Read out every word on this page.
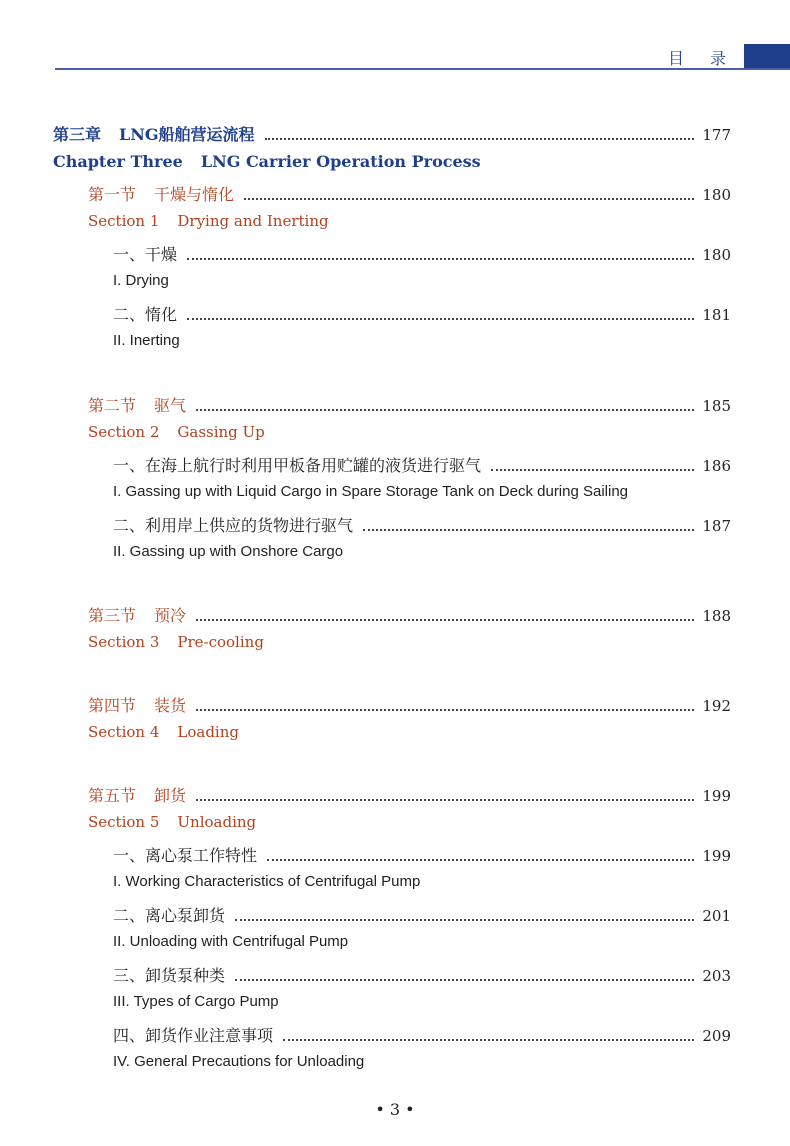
目录
第三章 LNG船舶营运流程	177
Chapter Three LNG Carrier Operation Process
第一节 干燥与惰化	180
Section 1 Drying and Inerting
一、干燥	180
I. Drying
二、惰化	181
II. Inerting
第二节 驱气	185
Section 2 Gassing Up
一、在海上航行时利用甲板备用贮罐的液货进行驱气	186
I. Gassing up with Liquid Cargo in Spare Storage Tank on Deck during Sailing
二、利用岸上供应的货物进行驱气	187
II. Gassing up with Onshore Cargo
第三节 预冷	188
Section 3 Pre-cooling
第四节 装货	192
Section 4 Loading
第五节 卸货	199
Section 5 Unloading
一、离心泵工作特性	199
I. Working Characteristics of Centrifugal Pump
二、离心泵卸货	201
II. Unloading with Centrifugal Pump
三、卸货泵种类	203
III. Types of Cargo Pump
四、卸货作业注意事项	209
IV. General Precautions for Unloading
• 3 •
